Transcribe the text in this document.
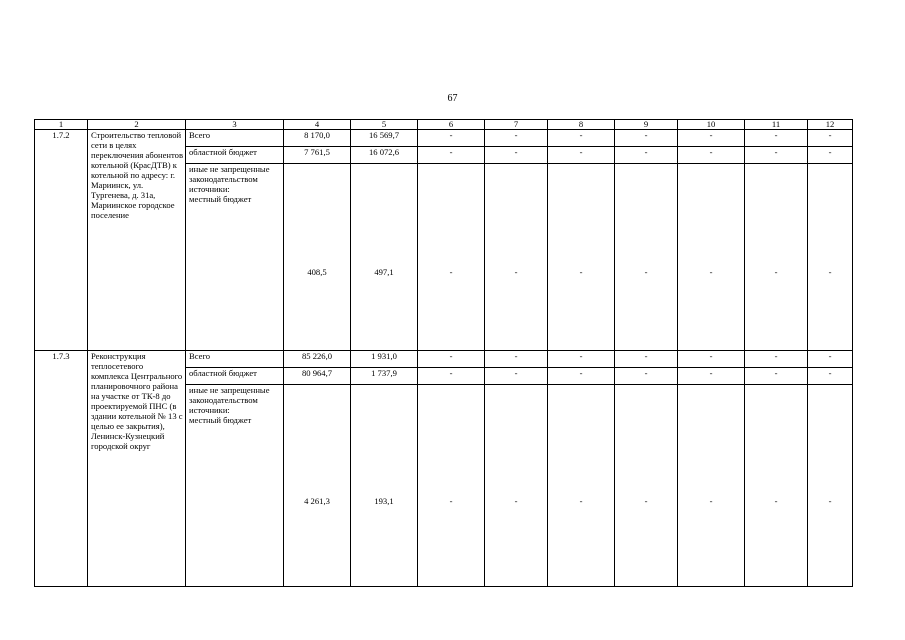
67
1	2	3	4	5	6	7	8	9	10	11	12
1.7.2	Строительство тепловой сети в целях переключения абонентов котельной (КрасДТВ) к котельной по адресу: г. Мариинск, ул. Тургенева, д. 31а, Мариинское городское поселение	Всего	8 170,0	16 569,7	-	-	-	-	-	-	-

		областной бюджет	7 761,5	16 072,6	-	-	-	-	-	-	-

		иные не запрещенные законодательством источники:
местный бюджет	408,5	497,1	-	-	-	-	-	-	-
1.7.3	Реконструкция теплосетевого комплекса Центрального планировочного района на участке от ТК-8 до проектируемой ПНС (в здании котельной № 13 с целью ее закрытия), Ленинск-Кузнецкий городской округ	Всего	85 226,0	1 931,0	-	-	-	-	-	-	-

		областной бюджет	80 964,7	1 737,9	-	-	-	-	-	-	-

		иные не запрещенные законодательством источники:
местный бюджет	4 261,3	193,1	-	-	-	-	-	-	-
